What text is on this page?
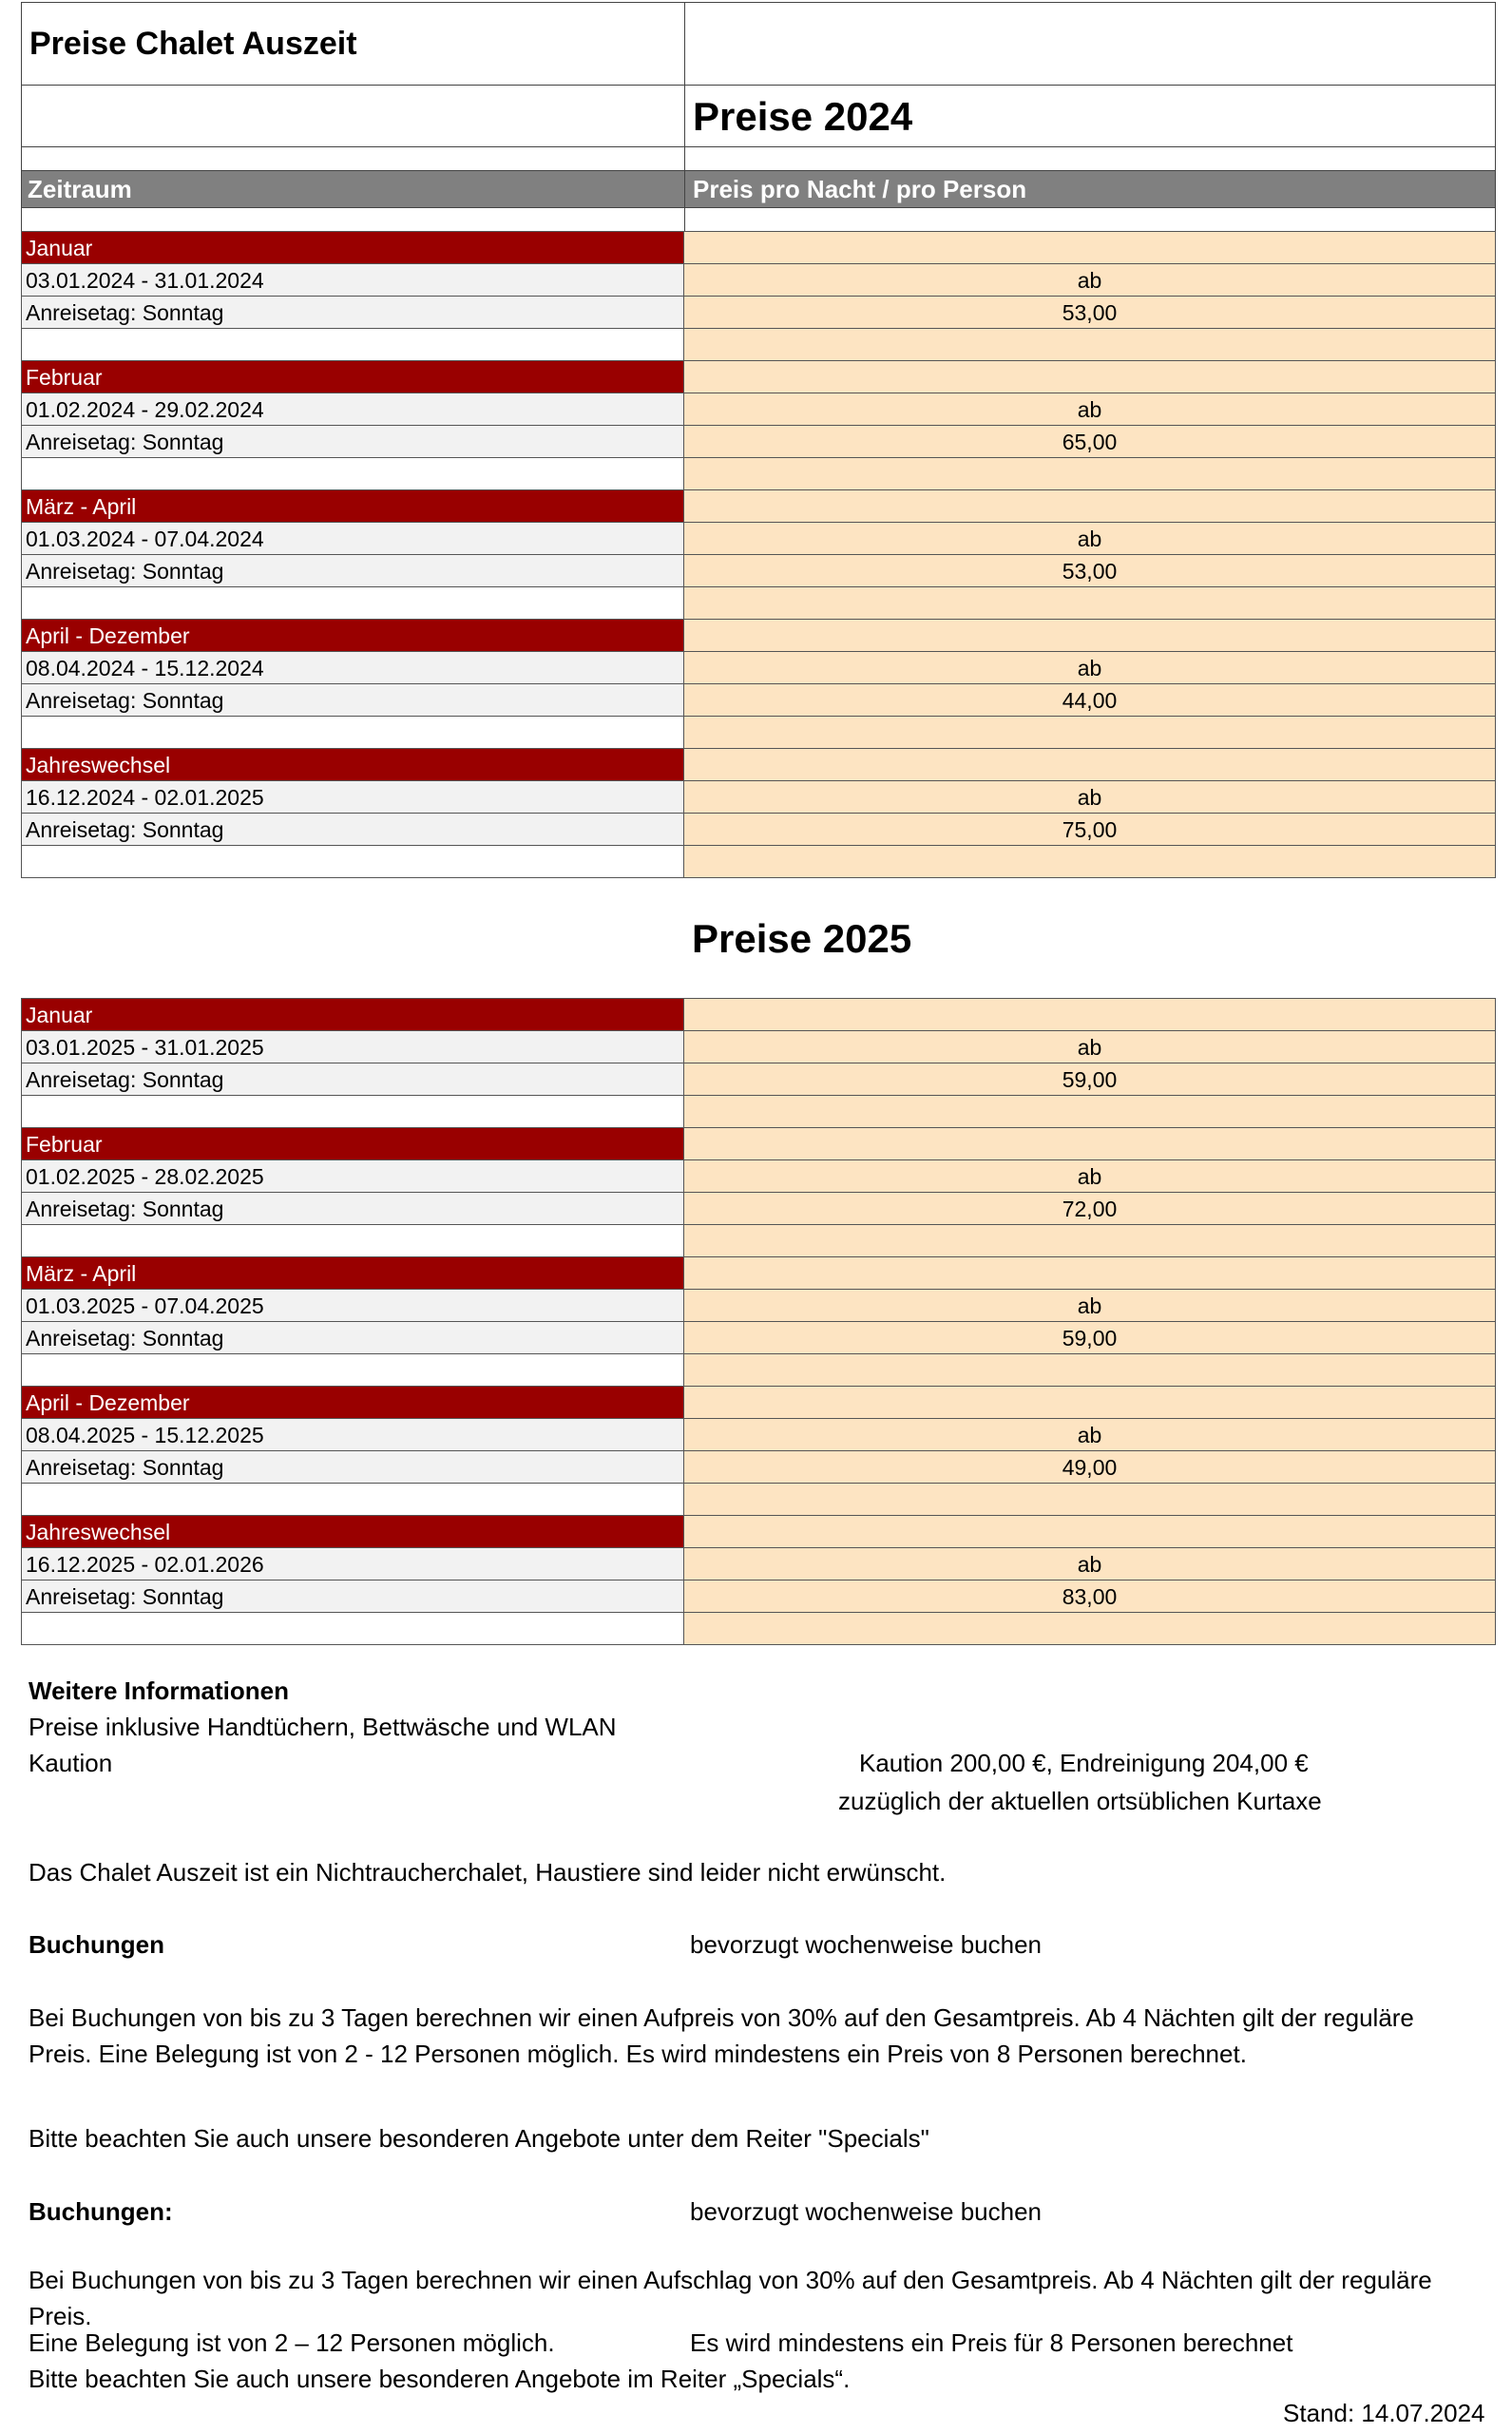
Preise Chalet Auszeit
Preise 2024
Zeitraum	Preis pro Nacht / pro Person
Januar
03.01.2024 - 31.01.2024	ab
Anreisetag: Sonntag	53,00
Februar
01.02.2024 - 29.02.2024	ab
Anreisetag: Sonntag	65,00
März - April
01.03.2024 - 07.04.2024	ab
Anreisetag: Sonntag	53,00
April - Dezember
08.04.2024 - 15.12.2024	ab
Anreisetag: Sonntag	44,00
Jahreswechsel
16.12.2024 - 02.01.2025	ab
Anreisetag: Sonntag	75,00
Preise 2025
Januar
03.01.2025 - 31.01.2025	ab
Anreisetag: Sonntag	59,00
Februar
01.02.2025 - 28.02.2025	ab
Anreisetag: Sonntag	72,00
März - April
01.03.2025 - 07.04.2025	ab
Anreisetag: Sonntag	59,00
April - Dezember
08.04.2025 - 15.12.2025	ab
Anreisetag: Sonntag	49,00
Jahreswechsel
16.12.2025 - 02.01.2026	ab
Anreisetag: Sonntag	83,00
Weitere Informationen
Preise inklusive Handtüchern, Bettwäsche und WLAN
Kaution	Kaution 200,00 €, Endreinigung 204,00 €
zuzüglich der aktuellen ortsüblichen Kurtaxe
Das Chalet Auszeit ist ein Nichtraucherchalet, Haustiere sind leider nicht erwünscht.
Buchungen	bevorzugt wochenweise buchen
Bei Buchungen von bis zu 3 Tagen berechnen wir einen Aufpreis von 30% auf den Gesamtpreis. Ab 4 Nächten gilt der reguläre
Preis. Eine Belegung ist von 2 - 12 Personen möglich. Es wird mindestens ein Preis von 8 Personen berechnet.
Bitte beachten Sie auch unsere besonderen Angebote unter dem Reiter "Specials"
Buchungen:	bevorzugt wochenweise buchen
Bei Buchungen von bis zu 3 Tagen berechnen wir einen Aufschlag von 30% auf den Gesamtpreis. Ab 4 Nächten gilt der reguläre
Preis.
Eine Belegung ist von 2 – 12 Personen möglich.	Es wird mindestens ein Preis für 8 Personen berechnet
Bitte beachten Sie auch unsere besonderen Angebote im Reiter „Specials“.
Stand: 14.07.2024
